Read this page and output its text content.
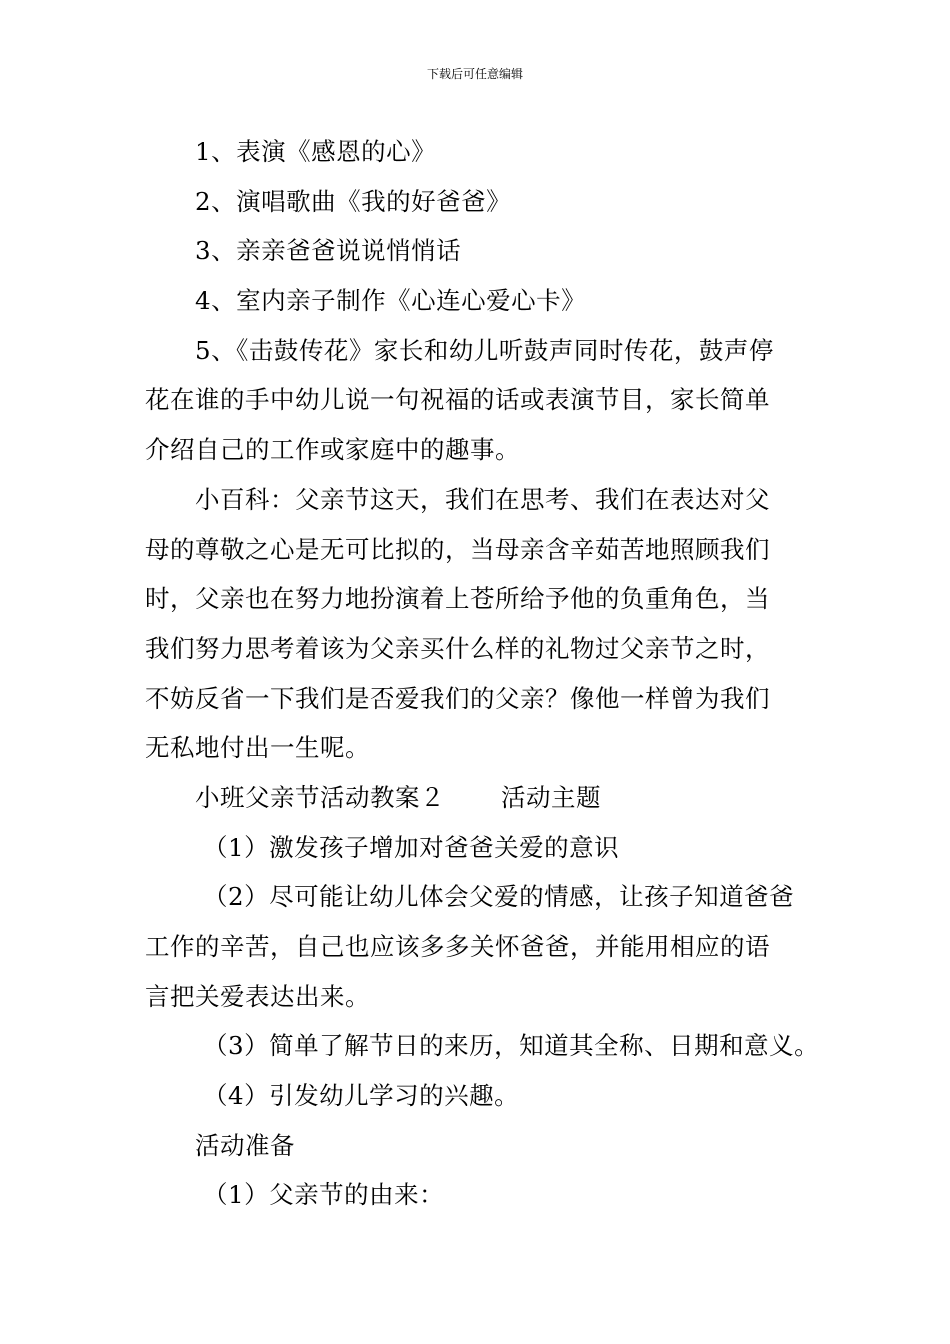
下载后可任意编辑
1、表演《感恩的心》
2、演唱歌曲《我的好爸爸》
3、亲亲爸爸说说悄悄话
4、室内亲子制作《心连心爱心卡》
5、《击鼓传花》家长和幼儿听鼓声同时传花，鼓声停
花在谁的手中幼儿说一句祝福的话或表演节目，家长简单
介绍自己的工作或家庭中的趣事。
小百科：父亲节这天，我们在思考、我们在表达对父
母的尊敬之心是无可比拟的，当母亲含辛茹苦地照顾我们
时，父亲也在努力地扮演着上苍所给予他的负重角色，当
我们努力思考着该为父亲买什么样的礼物过父亲节之时，
不妨反省一下我们是否爱我们的父亲？像他一样曾为我们
无私地付出一生呢。
小班父亲节活动教案２ 活动主题
（1）激发孩子增加对爸爸关爱的意识
（2）尽可能让幼儿体会父爱的情感，让孩子知道爸爸
工作的辛苦，自己也应该多多关怀爸爸，并能用相应的语
言把关爱表达出来。
（3）简单了解节日的来历，知道其全称、日期和意义。
（4）引发幼儿学习的兴趣。
活动准备
（1）父亲节的由来：
